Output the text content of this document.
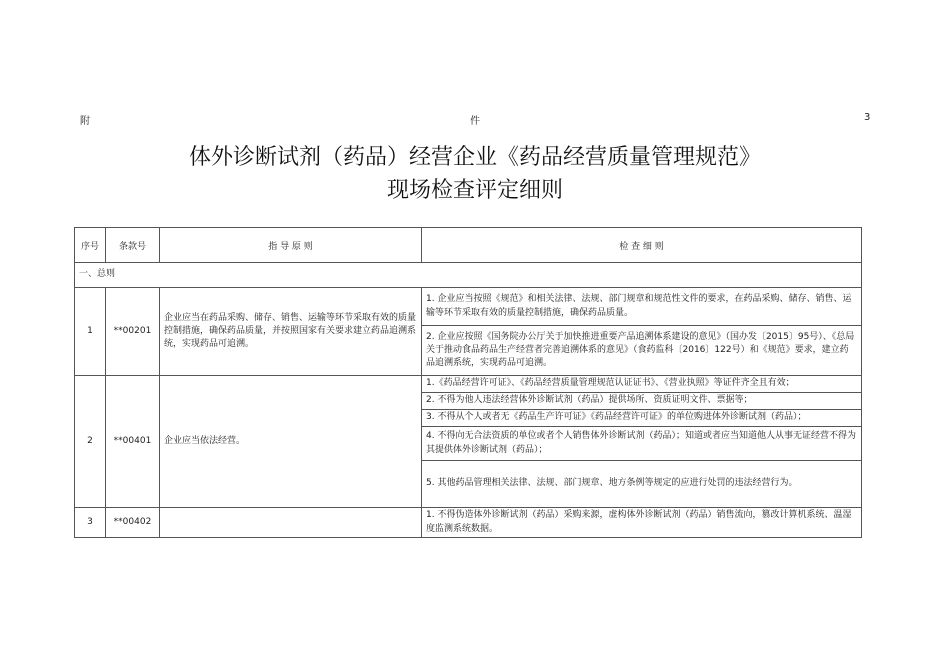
附	件	3
体外诊断试剂（药品）经营企业《药品经营质量管理规范》
现场检查评定细则
序号	条款号	指 导 原 则	检 查 细 则
一、总则			
1	**00201	企业应当在药品采购、储存、销售、运输等环节采取有效的质量控制措施，确保药品质量，并按照国家有关要求建立药品追溯系统，实现药品可追溯。	1. 企业应当按照《规范》和相关法律、法规、部门规章和规范性文件的要求，在药品采购、储存、销售、运输等环节采取有效的质量控制措施，确保药品质量。
			2. 企业应按照《国务院办公厅关于加快推进重要产品追溯体系建设的意见》（国办发〔2015〕95号）、《总局关于推动食品药品生产经营者完善追溯体系的意见》（食药监科〔2016〕122号）和《规范》要求，建立药品追溯系统，实现药品可追溯。
2	**00401	企业应当依法经营。	1.《药品经营许可证》、《药品经营质量管理规范认证证书》、《营业执照》等证件齐全且有效；
			2. 不得为他人违法经营体外诊断试剂（药品）提供场所、资质证明文件、票据等；
			3. 不得从个人或者无《药品生产许可证》《药品经营许可证》的单位购进体外诊断试剂（药品）；
			4. 不得向无合法资质的单位或者个人销售体外诊断试剂（药品）；知道或者应当知道他人从事无证经营不得为其提供体外诊断试剂（药品）；
			5. 其他药品管理相关法律、法规、部门规章、地方条例等规定的应进行处罚的违法经营行为。
3	**00402		1. 不得伪造体外诊断试剂（药品）采购来源，虚构体外诊断试剂（药品）销售流向，篡改计算机系统、温湿度监测系统数据。
